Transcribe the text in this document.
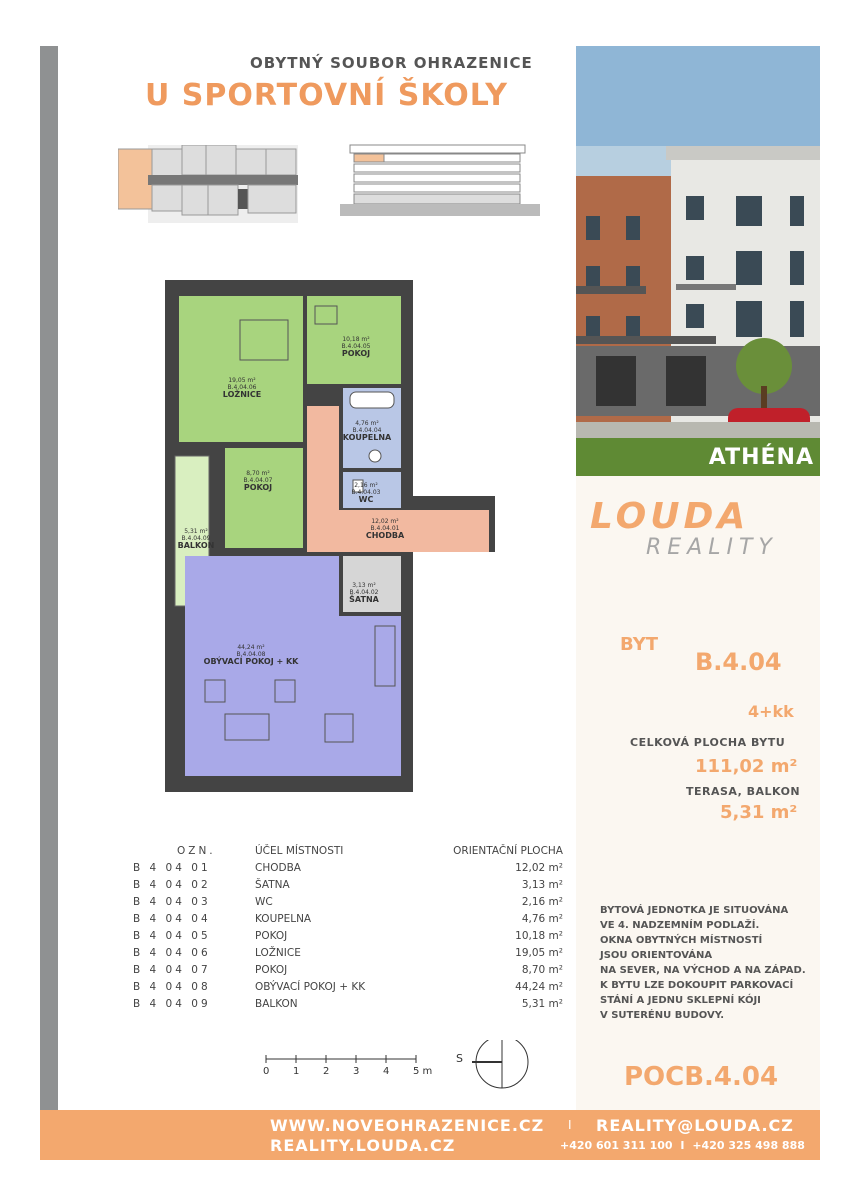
OBYTNÝ SOUBOR OHRAZENICE
U SPORTOVNÍ ŠKOLY
19,05 m²
B.4.04.06
LOŽNICE
10,18 m²
B.4.04.05
POKOJ
4,76 m²
B.4.04.04
KOUPELNA
2,16 m²
B.4.04.03
WC
8,70 m²
B.4.04.07
POKOJ
12,02 m²
B.4.04.01
CHODBA
5,31 m²
B.4.04.09
BALKON
3,13 m²
B.4.04.02
ŠATNA
44,24 m²
B.4.04.08
OBÝVACÍ POKOJ + KK
ATHÉNA
LOUDA
REALITY
BYT
B.4.04
4+kk
CELKOVÁ PLOCHA BYTU
111,02 m²
TERASA, BALKON
5,31 m²
BYTOVÁ JEDNOTKA JE SITUOVÁNA
VE 4. NADZEMNÍM PODLAŽÍ.
OKNA OBYTNÝCH MÍSTNOSTÍ
JSOU ORIENTOVÁNA
NA SEVER, NA VÝCHOD A NA ZÁPAD.
K BYTU LZE DOKOUPIT PARKOVACÍ
STÁNÍ A JEDNU SKLEPNÍ KÓJI
V SUTERÉNU BUDOVY.
POCB.4.04
OZN.	ÚČEL MÍSTNOSTI	ORIENTAČNÍ PLOCHA
B 4 04 01	CHODBA	12,02 m²
B 4 04 02	ŠATNA	3,13 m²
B 4 04 03	WC	2,16 m²
B 4 04 04	KOUPELNA	4,76 m²
B 4 04 05	POKOJ	10,18 m²
B 4 04 06	LOŽNICE	19,05 m²
B 4 04 07	POKOJ	8,70 m²
B 4 04 08	OBÝVACÍ POKOJ + KK	44,24 m²
B 4 04 09	BALKON	5,31 m²
0 1 2 3 4 5 m
S
WWW.NOVEOHRAZENICE.CZ
REALITY.LOUDA.CZ
I REALITY@LOUDA.CZ
+420 601 311 100 I +420 325 498 888
